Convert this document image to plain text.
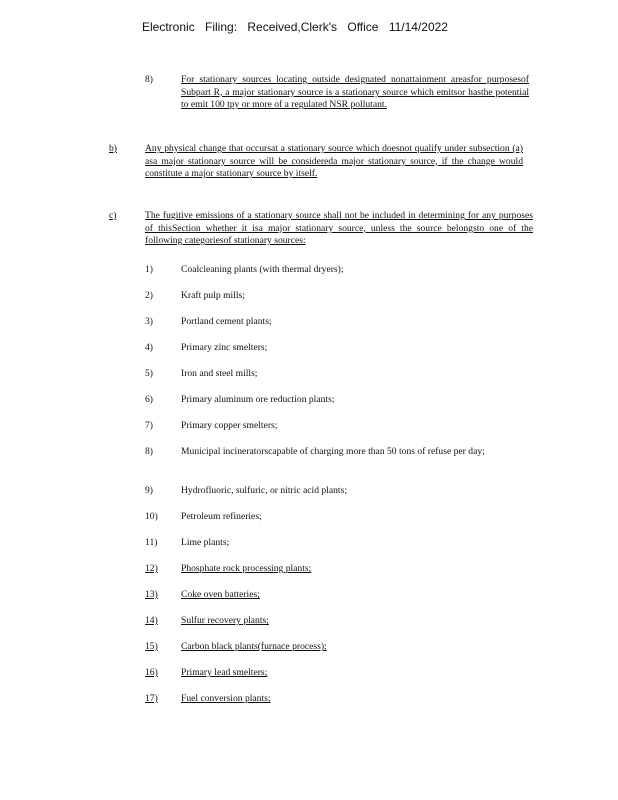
Electronic Filing: Received,Clerk's Office 11/14/2022
8)	For stationary sources locating outside designated nonattainment areasfor purposesof Subpart R, a major stationary source is a stationary source which emitsor hasthe potential to emit 100 tpy or more of a regulated NSR pollutant.
b)	Any physical change that occursat a stationary source which doesnot qualify under subsection (a) asa major stationary source will be considereda major stationary source, if the change would constitute a major stationary source by itself.
c)	The fugitive emissions of a stationary source shall not be included in determining for any purposes of thisSection whether it isa major stationary source, unless the source belongsto one of the following categoriesof stationary sources:
1)	Coalcleaning plants (with thermal dryers);
2)	Kraft pulp mills;
3)	Portland cement plants;
4)	Primary zinc smelters;
5)	Iron and steel mills;
6)	Primary aluminum ore reduction plants;
7)	Primary copper smelters;
8)	Municipal incineratorscapable of charging more than 50 tons of refuse per day;
9)	Hydrofluoric, sulfuric, or nitric acid plants;
10) Petroleum refineries;
11) Lime plants;
12) Phosphate rock processing plants;
13) Coke oven batteries;
14) Sulfur recovery plants;
15) Carbon black plants(furnace process);
16) Primary lead smelters;
17) Fuel conversion plants;
